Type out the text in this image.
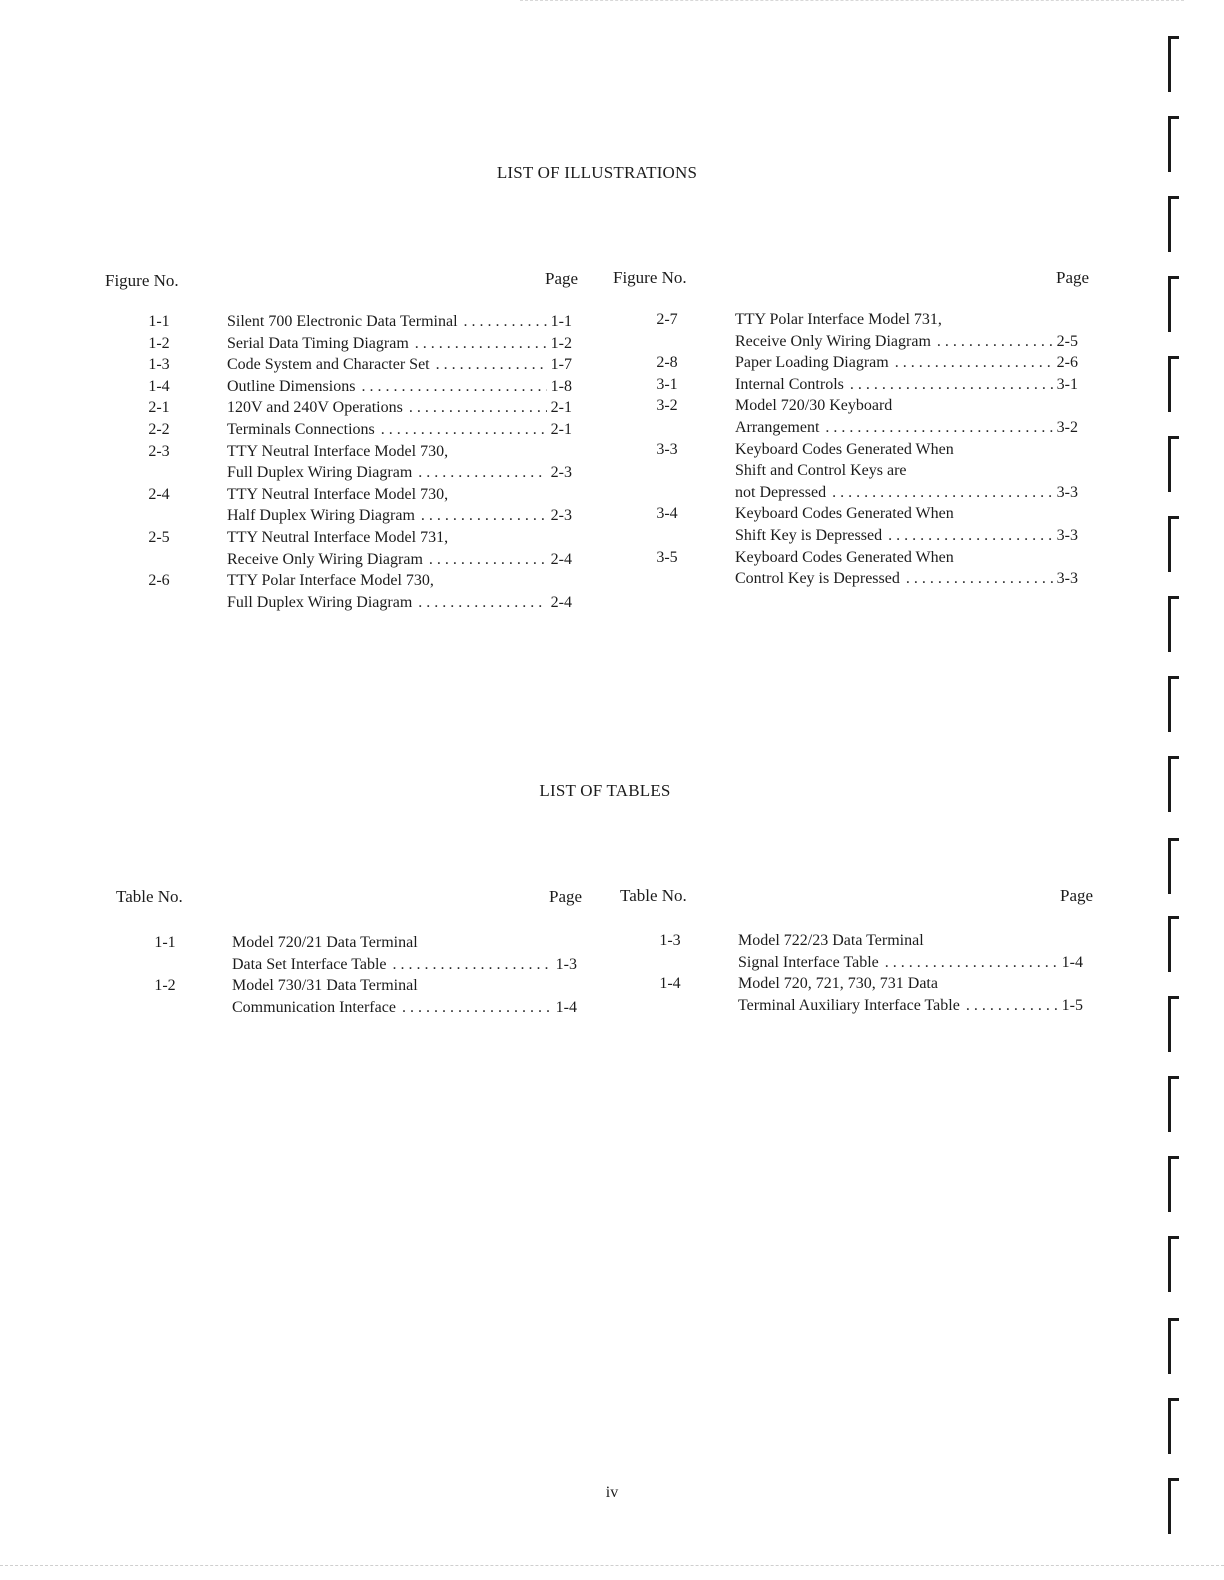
LIST OF ILLUSTRATIONS
Figure No.	Page Figure No.	Page
1-1	Silent 700 Electronic Data Terminal . . .	1-1
1-2	Serial Data Timing Diagram . . .	1-2
1-3	Code System and Character Set . . .	1-7
1-4	Outline Dimensions . . .	1-8
2-1	120V and 240V Operations . . .	2-1
2-2	Terminals Connections . . .	2-1
2-3	TTY Neutral Interface Model 730,
Full Duplex Wiring Diagram . . .	2-3
2-4	TTY Neutral Interface Model 730,
Half Duplex Wiring Diagram . . .	2-3
2-5	TTY Neutral Interface Model 731,
Receive Only Wiring Diagram . . .	2-4
2-6	TTY Polar Interface Model 730,
Full Duplex Wiring Diagram . . .	2-4
2-7	TTY Polar Interface Model 731,
Receive Only Wiring Diagram . . .	2-5
2-8	Paper Loading Diagram . . .	2-6
3-1	Internal Controls . . .	3-1
3-2	Model 720/30 Keyboard
Arrangement . . .	3-2
3-3	Keyboard Codes Generated When
Shift and Control Keys are
not Depressed . . .	3-3
3-4	Keyboard Codes Generated When
Shift Key is Depressed . . .	3-3
3-5	Keyboard Codes Generated When
Control Key is Depressed . . .	3-3
LIST OF TABLES
Table No.	Page Table No.	Page
1-1	Model 720/21 Data Terminal
Data Set Interface Table . . .	1-3
1-2	Model 730/31 Data Terminal
Communication Interface . . .	1-4
1-3	Model 722/23 Data Terminal
Signal Interface Table . . .	1-4
1-4	Model 720, 721, 730, 731 Data
Terminal Auxiliary Interface Table . . .	1-5
iv
